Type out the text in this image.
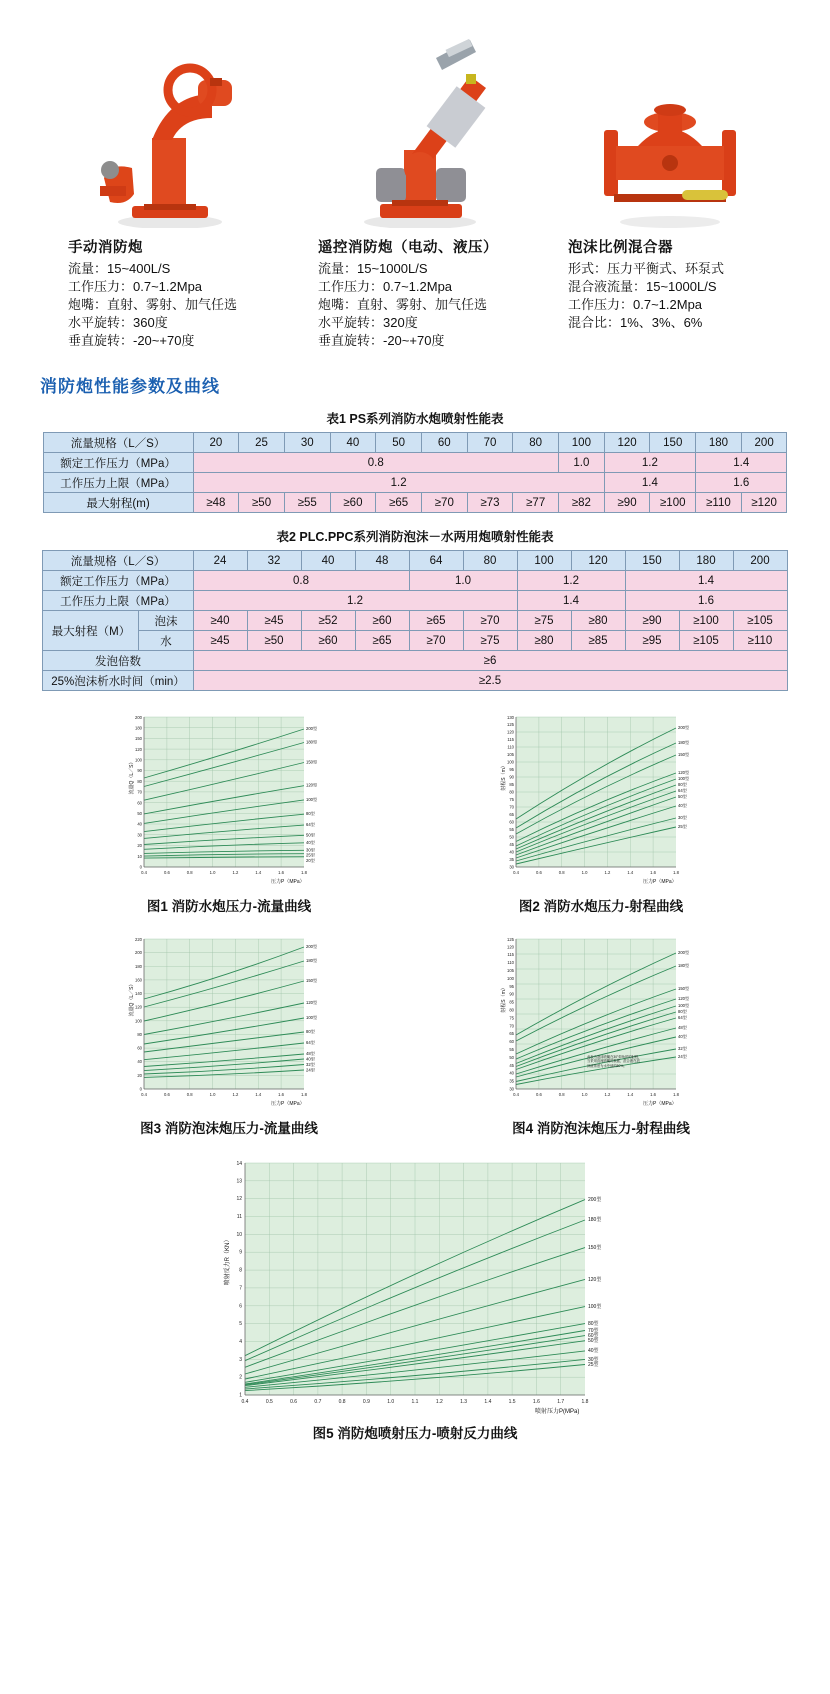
手动消防炮
流量：15~400L/S
工作压力：0.7~1.2Mpa
炮嘴：直射、雾射、加气任选
水平旋转：360度
垂直旋转：-20~+70度
遥控消防炮（电动、液压）
流量：15~1000L/S
工作压力：0.7~1.2Mpa
炮嘴：直射、雾射、加气任选
水平旋转：320度
垂直旋转：-20~+70度
泡沫比例混合器
形式：压力平衡式、环泵式
混合液流量：15~1000L/S
工作压力：0.7~1.2Mpa
混合比：1%、3%、6%
消防炮性能参数及曲线
表1 PS系列消防水炮喷射性能表
流量规格（L／S）	20	25	30	40	50	60	70	80	100	120	150	180	200
额定工作压力（MPa）	0.8								1.0	1.2		1.4	
工作压力上限（MPa）	1.2									1.4		1.6	
最大射程(m)	≥48	≥50	≥55	≥60	≥65	≥70	≥73	≥77	≥82	≥90	≥100	≥110	≥120
表2 PLC.PPC系列消防泡沫－水两用炮喷射性能表
流量规格（L／S）		24	32	40	48	64	80	100	120	150	180	200
额定工作压力（MPa）		0.8				1.0		1.2		1.4		
工作压力上限（MPa）		1.2						1.4		1.6		
最大射程（M）	泡沫	≥40	≥45	≥52	≥60	≥65	≥70	≥75	≥80	≥90	≥100	≥105
	水	≥45	≥50	≥60	≥65	≥70	≥75	≥80	≥85	≥95	≥105	≥110
发泡倍数		≥6										
25%泡沫析水时间（min）		≥2.5										
0
10
20
30
40
50
60
70
80
90
100
120
150
180
200
0.4	0.6	0.8	1.0	1.2	1.4	1.6	1.8
压力P（MPa）
流量Q（L／S）
200型
180型
150型
120型
100型
80型
64型
50型
40型
30型
25型
20型
图1 消防水炮压力-流量曲线
30
35
40
45
50
55
60
65
70
75
80
85
90
95
100
105
110
115
120
125
130
0.4	0.6	0.8	1.0	1.2	1.4	1.6	1.8
压力P（MPa）
射程S（m）
200型
180型
150型
120型
100型
80型
64型
50型
40型
30型
25型
图2 消防水炮压力-射程曲线
0
20
40
60
80
100
120
140
160
180
200
220
0.4	0.6	0.8	1.0	1.2	1.4	1.6	1.8
压力P（MPa）
流量Q（L／S）
200型
180型
150型
120型
100型
80型
64型
48型
40型
32型
24型
图3 消防泡沫炮压力-流量曲线
30
35
40
45
50
55
60
65
70
75
80
85
90
95
100
105
110
115
120
125
0.4	0.6	0.8	1.0	1.2	1.4	1.6	1.8
压力P（MPa）
射程S（m）
200型
180型
150型
120型
100型
80型
64型
48型
40型
32型
24型
此表为泡沫喷嘴在30°仰角时的射程，当采用直流喷嘴时数据，混合液在泡沫液浓度为水中值的80%。
图4 消防泡沫炮压力-射程曲线
1
2
3
4
5
6
7
8
9
10
11
12
13
14
0.4	0.5	0.6	0.7	0.8	0.9	1.0	1.1	1.2	1.3	1.4	1.5	1.6	1.7	1.8
喷射压力P(MPa)
喷射反力R（KN）
200型
180型
150型
120型
100型
80型
70型
60型
50型
40型
30型
25型
图5 消防炮喷射压力-喷射反力曲线
